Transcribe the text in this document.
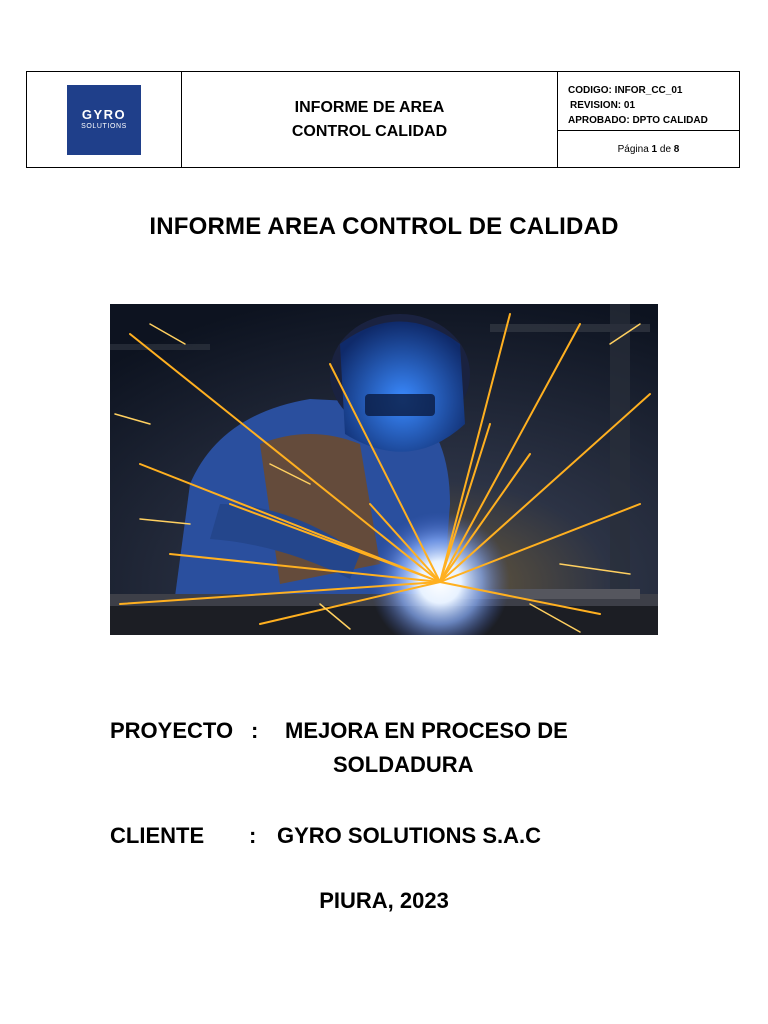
GYRO
SOLUTIONS
INFORME DE AREA
CONTROL CALIDAD
CODIGO: INFOR_CC_01
REVISION: 01
APROBADO: DPTO CALIDAD
Página
1
de
8
INFORME AREA CONTROL DE CALIDAD
PROYECTO : MEJORA EN PROCESO DE
SOLDADURA
CLIENTE : GYRO SOLUTIONS S.A.C
PIURA, 2023
